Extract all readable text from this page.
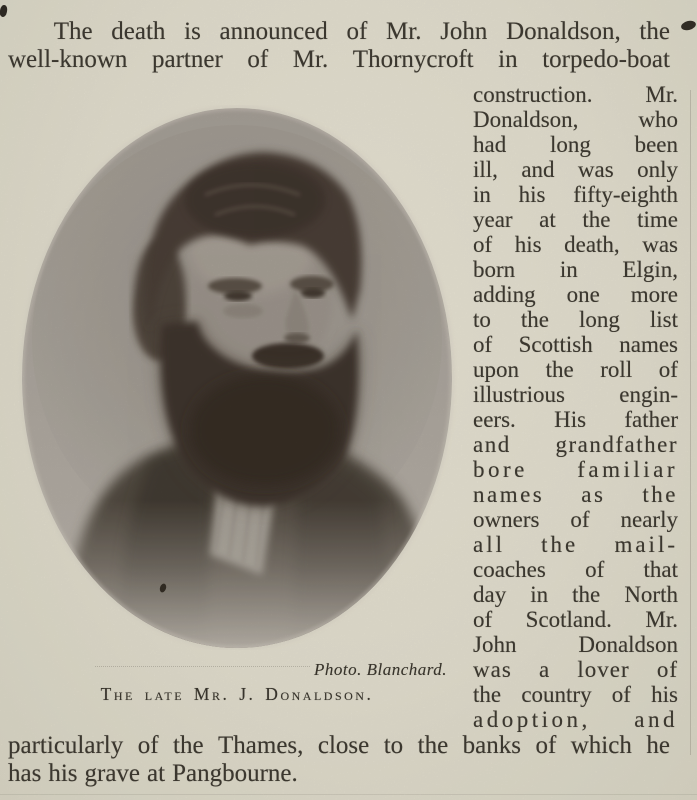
The death is announced of Mr. John Donaldson, the
well-known partner of Mr. Thornycroft in torpedo-boat
Photo. Blanchard.
The late Mr. J. Donaldson.
construction. Mr.
Donaldson,	who
had long been
ill, and was only
in his fifty-eighth
year at the time
of his death, was
born in Elgin,
adding one more
to the long list
of Scottish names
upon the roll of
illustrious engin-
eers. His father
and grandfather
bore familiar
names as the
owners of nearly
all the mail-
coaches of that
day in the North
of Scotland. Mr.
John	Donaldson
was a lover of
the country of his
adoption, and
particularly of the Thames, close to the banks of which he
has his grave at Pangbourne.
